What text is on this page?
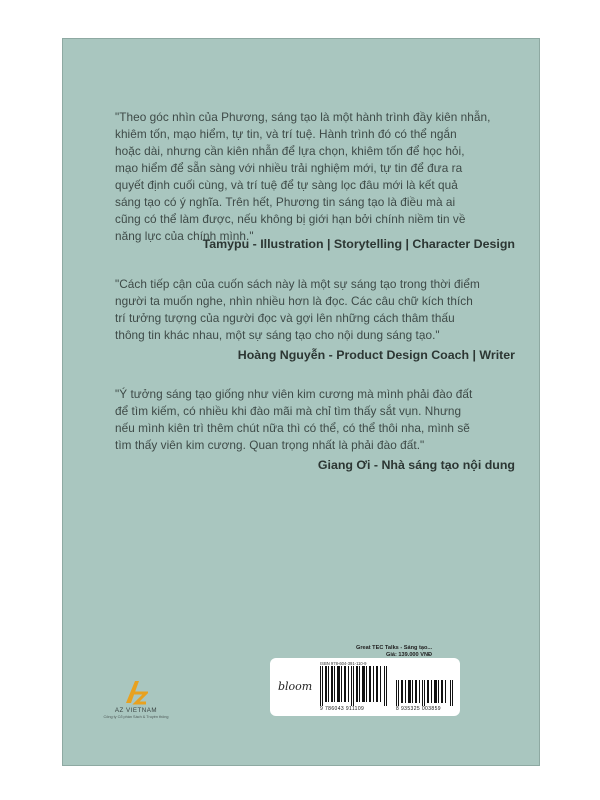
"Theo góc nhìn của Phương, sáng tạo là một hành trình đầy kiên nhẫn,
khiêm tốn, mạo hiểm, tự tin, và trí tuệ. Hành trình đó có thể ngắn
hoặc dài, nhưng cần kiên nhẫn để lựa chọn, khiêm tốn để học hỏi,
mạo hiểm để sẵn sàng với nhiều trải nghiệm mới, tự tin để đưa ra
quyết định cuối cùng, và trí tuệ để tự sàng lọc đâu mới là kết quả
sáng tạo có ý nghĩa. Trên hết, Phương tin sáng tạo là điều mà ai
cũng có thể làm được, nếu không bị giới hạn bởi chính niềm tin về
năng lực của chính mình."
Tamypu - Illustration | Storytelling | Character Design
"Cách tiếp cận của cuốn sách này là một sự sáng tạo trong thời điểm
người ta muốn nghe, nhìn nhiều hơn là đọc. Các câu chữ kích thích
trí tưởng tượng của người đọc và gợi lên những cách thâm thấu
thông tin khác nhau, một sự sáng tạo cho nội dung sáng tạo."
Hoàng Nguyễn - Product Design Coach | Writer
"Ý tưởng sáng tạo giống như viên kim cương mà mình phải đào đất
để tìm kiếm, có nhiều khi đào mãi mà chỉ tìm thấy sắt vụn. Nhưng
nếu mình kiên trì thêm chút nữa thì có thể, có thể thôi nha, mình sẽ
tìm thấy viên kim cương. Quan trọng nhất là phải đào đất."
Giang Ơi - Nhà sáng tạo nội dung
AZ VIETNAM
Công ty Cổ phần Sách & Truyền thông
Great TEC Talks - Sáng tạo...
Giá: 139.000 VNĐ
bloom
ISBN 978-604-391-110-9
9 786043 911109	8 935325 003859
